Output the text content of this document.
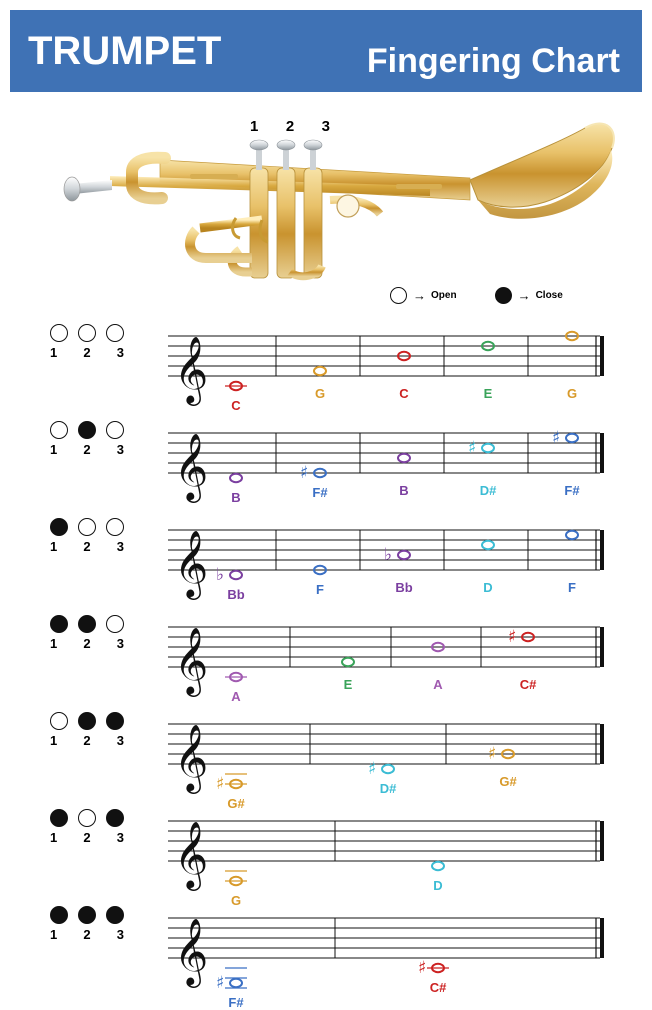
TRUMPET	Fingering Chart
1 2 3
→ Open	→ Close
1 2 3 𝄞
C
G	C	E	G
1 2 3 𝄞	♯
♯	♯
B	F#	B	D#	F#
1 2 3 𝄞 ♭
♭
Bb	F	Bb	D	F
1 2 3 𝄞	♯
A
E	A	C#
1 2 3 𝄞 ♯
♯
♯
G#
D#	G#
1 2 3 𝄞
G
D
1 2 3 𝄞 ♯
♯
F#
C#
